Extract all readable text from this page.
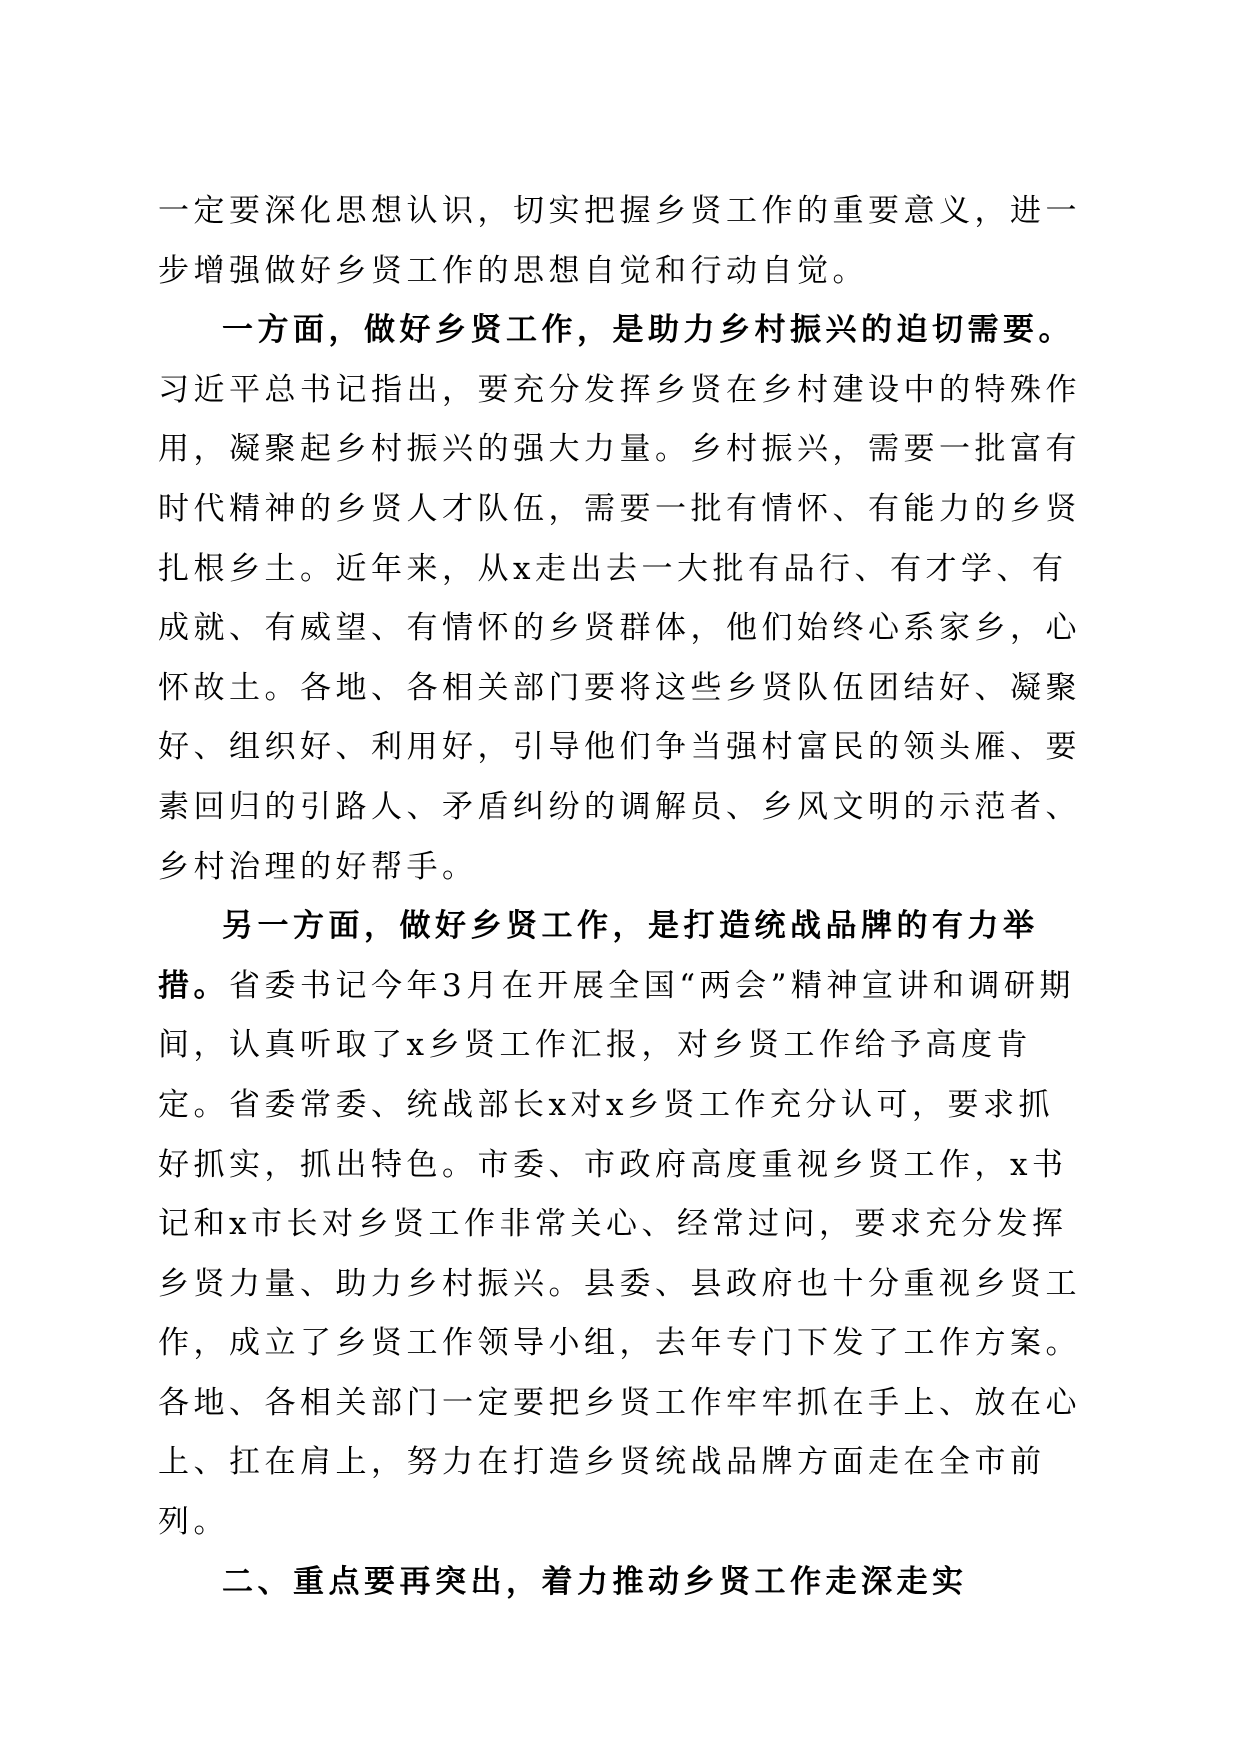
一定要深化思想认识，切实把握乡贤工作的重要意义，进一步增强做好乡贤工作的思想自觉和行动自觉。

一方面，做好乡贤工作，是助力乡村振兴的迫切需要。习近平总书记指出，要充分发挥乡贤在乡村建设中的特殊作用，凝聚起乡村振兴的强大力量。乡村振兴，需要一批富有时代精神的乡贤人才队伍，需要一批有情怀、有能力的乡贤扎根乡土。近年来，从x走出去一大批有品行、有才学、有成就、有威望、有情怀的乡贤群体，他们始终心系家乡，心怀故土。各地、各相关部门要将这些乡贤队伍团结好、凝聚好、组织好、利用好，引导他们争当强村富民的领头雁、要素回归的引路人、矛盾纠纷的调解员、乡风文明的示范者、乡村治理的好帮手。

另一方面，做好乡贤工作，是打造统战品牌的有力举措。省委书记今年3月在开展全国“两会”精神宣讲和调研期间，认真听取了x乡贤工作汇报，对乡贤工作给予高度肯定。省委常委、统战部长x对x乡贤工作充分认可，要求抓好抓实，抓出特色。市委、市政府高度重视乡贤工作，x书记和x市长对乡贤工作非常关心、经常过问，要求充分发挥乡贤力量、助力乡村振兴。县委、县政府也十分重视乡贤工作，成立了乡贤工作领导小组，去年专门下发了工作方案。各地、各相关部门一定要把乡贤工作牢牢抓在手上、放在心上、扛在肩上，努力在打造乡贤统战品牌方面走在全市前列。

二、重点要再突出，着力推动乡贤工作走深走实
